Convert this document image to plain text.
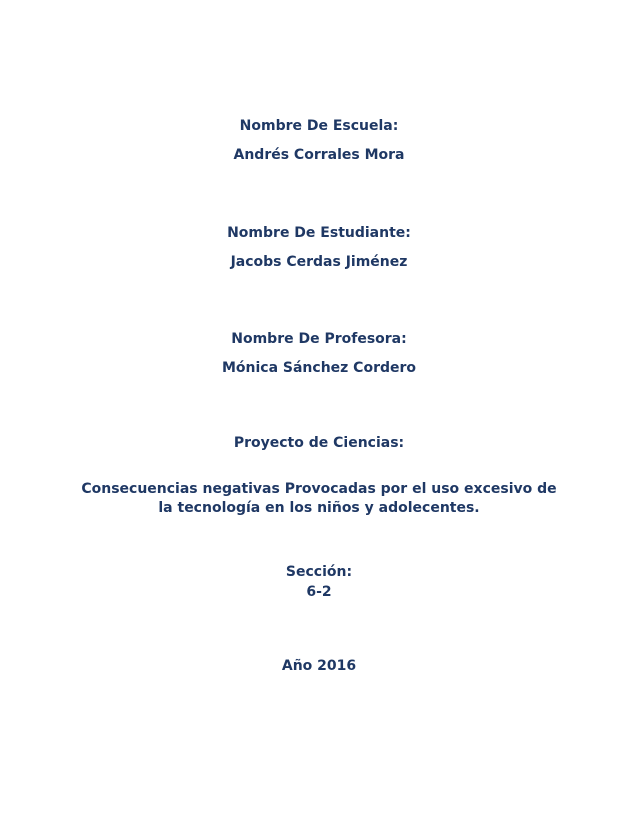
Nombre De Escuela:
Andrés Corrales Mora
Nombre De Estudiante:
Jacobs Cerdas Jiménez
Nombre De Profesora:
Mónica Sánchez Cordero
Proyecto de Ciencias:
Consecuencias negativas Provocadas por el uso excesivo de
la tecnología en los niños y adolecentes.
Sección:
6-2
Año 2016
